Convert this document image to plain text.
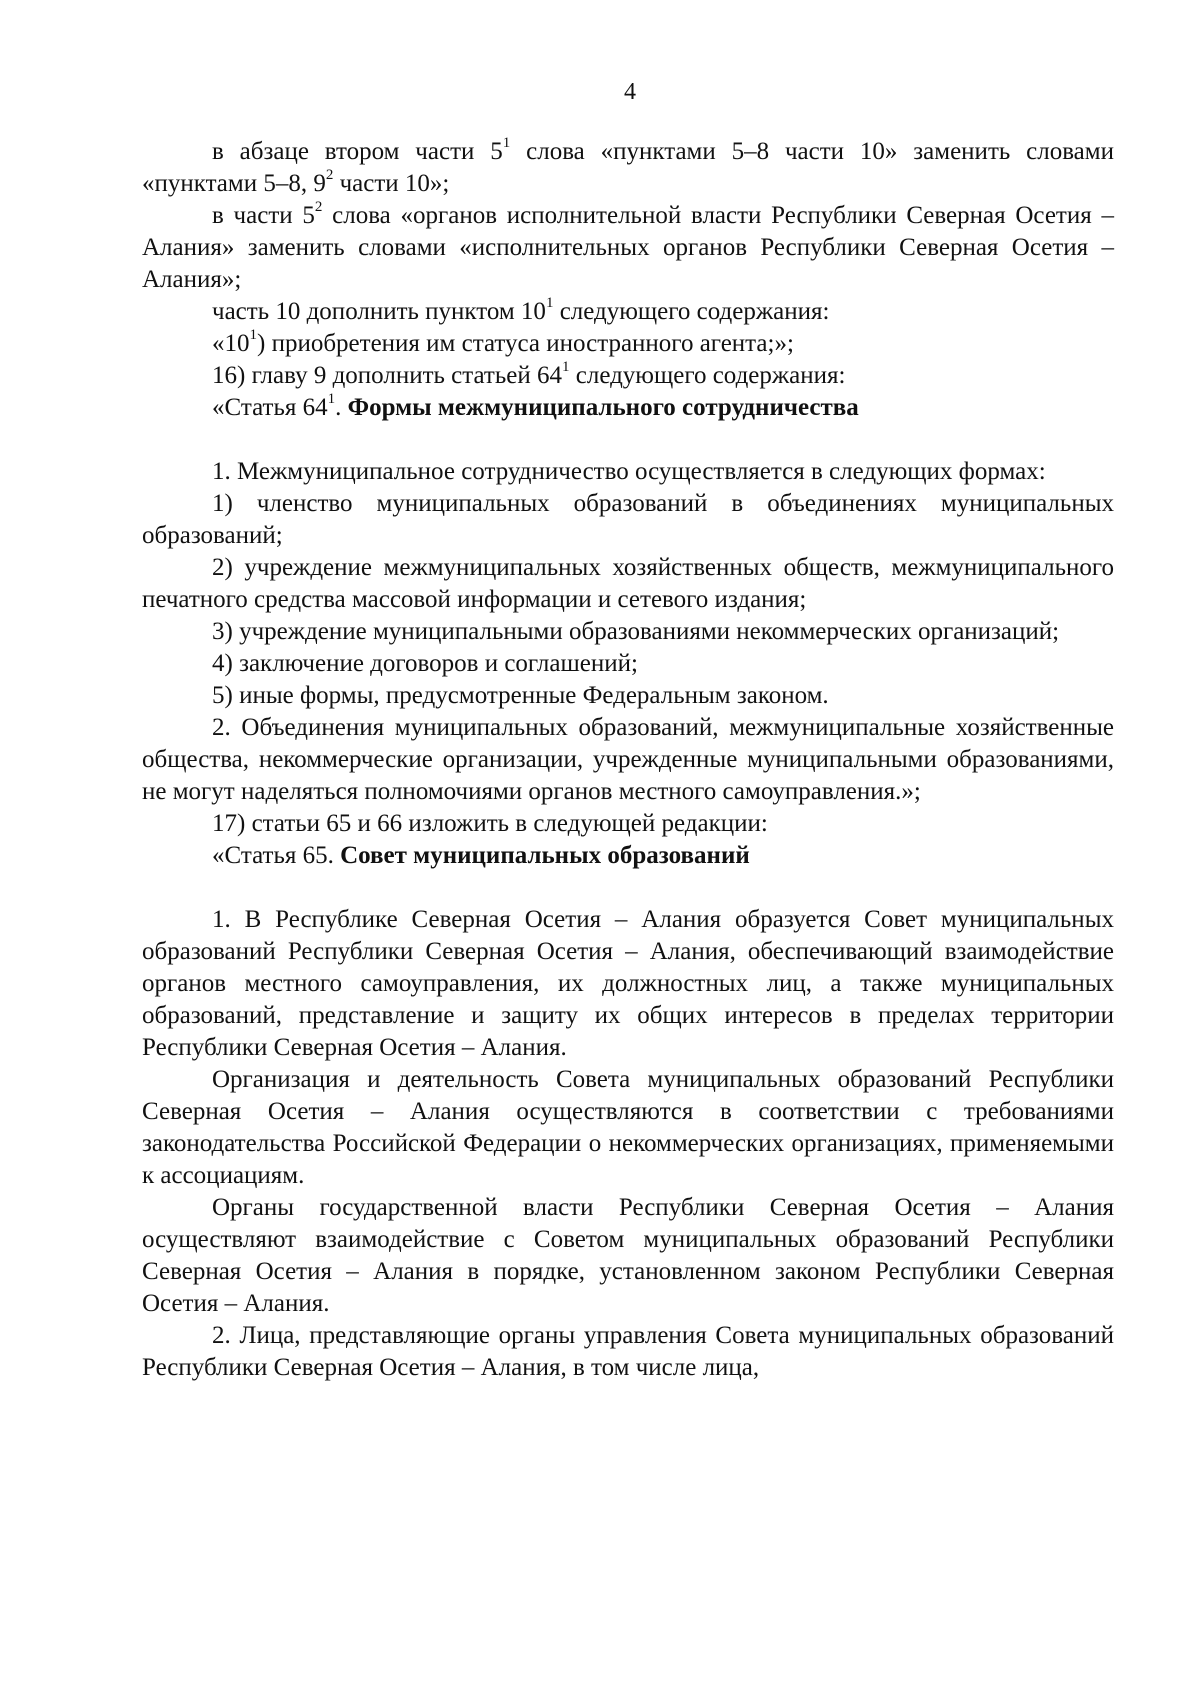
4

в абзаце втором части $5^1$ слова «пунктами 5–8 части 10» заменить словами «пунктами 5–8, $9^2$ части 10»;

в части $5^2$ слова «органов исполнительной власти Республики Северная Осетия – Алания» заменить словами «исполнительных органов Республики Северная Осетия – Алания»;

часть 10 дополнить пунктом $10^1$ следующего содержания:

«$10^1$) приобретения им статуса иностранного агента;»;

16) главу 9 дополнить статьей $64^1$ следующего содержания:

«Статья $64^1$. Формы межмуниципального сотрудничества

1. Межмуниципальное сотрудничество осуществляется в следующих формах:

1) членство муниципальных образований в объединениях муниципальных образований;

2) учреждение межмуниципальных хозяйственных обществ, межмуниципального печатного средства массовой информации и сетевого издания;

3) учреждение муниципальными образованиями некоммерческих организаций;

4) заключение договоров и соглашений;

5) иные формы, предусмотренные Федеральным законом.

2. Объединения муниципальных образований, межмуниципальные хозяйственные общества, некоммерческие организации, учрежденные муниципальными образованиями, не могут наделяться полномочиями органов местного самоуправления.»;

17) статьи 65 и 66 изложить в следующей редакции:

«Статья 65. Совет муниципальных образований

1. В Республике Северная Осетия – Алания образуется Совет муниципальных образований Республики Северная Осетия – Алания, обеспечивающий взаимодействие органов местного самоуправления, их должностных лиц, а также муниципальных образований, представление и защиту их общих интересов в пределах территории Республики Северная Осетия – Алания.

Организация и деятельность Совета муниципальных образований Республики Северная Осетия – Алания осуществляются в соответствии с требованиями законодательства Российской Федерации о некоммерческих организациях, применяемыми к ассоциациям.

Органы государственной власти Республики Северная Осетия – Алания осуществляют взаимодействие с Советом муниципальных образований Республики Северная Осетия – Алания в порядке, установленном законом Республики Северная Осетия – Алания.

2. Лица, представляющие органы управления Совета муниципальных образований Республики Северная Осетия – Алания, в том числе лица,
